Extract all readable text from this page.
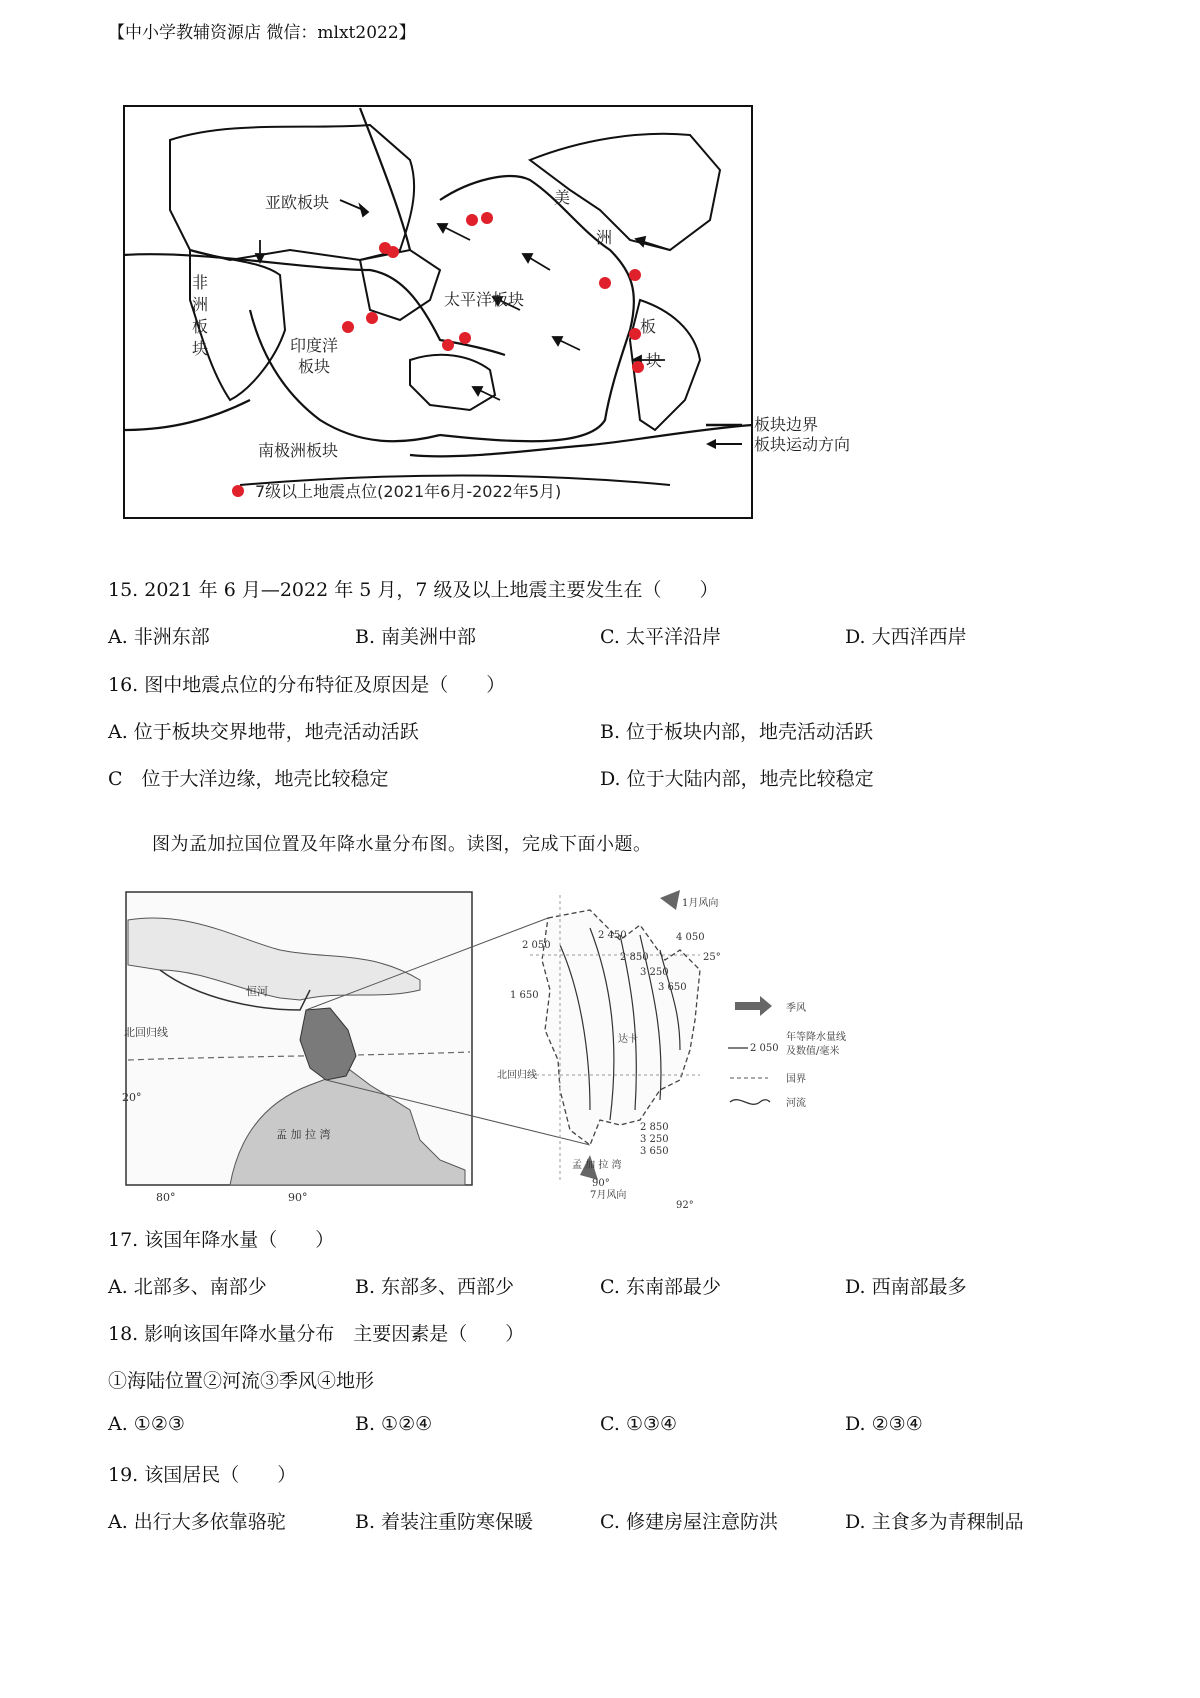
【中小学教辅资源店 微信：mlxt2022】
亚欧板块
非
洲
板
块	印度洋
板块
太平洋板块
美
洲
板
块
南极洲板块
板块边界
板块运动方向
7级以上地震点位(2021年6月-2022年5月)
15. 2021 年 6 月—2022 年 5 月，7 级及以上地震主要发生在（　　）
A. 非洲东部	B. 南美洲中部	C. 太平洋沿岸	D. 大西洋西岸
16. 图中地震点位的分布特征及原因是（　　）
A. 位于板块交界地带，地壳活动活跃	B. 位于板块内部，地壳活动活跃
C　位于大洋边缘，地壳比较稳定	D. 位于大陆内部，地壳比较稳定
图为孟加拉国位置及年降水量分布图。读图，完成下面小题。
恒河
北回归线
20°
80°	90°
孟 加 拉 湾
1月风向
7月风向
25°
90°
92°
北回归线
达卡
孟 加 拉 湾
2 050
1 650
2 450
2 850
3 250
3 650
4 050
2 850
3 250
3 650
季风
2 050
年等降水量线
及数值/毫米
国界
河流
17. 该国年降水量（　　）
A. 北部多、南部少	B. 东部多、西部少	C. 东南部最少	D. 西南部最多
18. 影响该国年降水量分布　主要因素是（　　）
①海陆位置②河流③季风④地形
A. ①②③	B. ①②④	C. ①③④	D. ②③④
19. 该国居民（　　）
A. 出行大多依靠骆驼	B. 着装注重防寒保暖	C. 修建房屋注意防洪	D. 主食多为青稞制品
